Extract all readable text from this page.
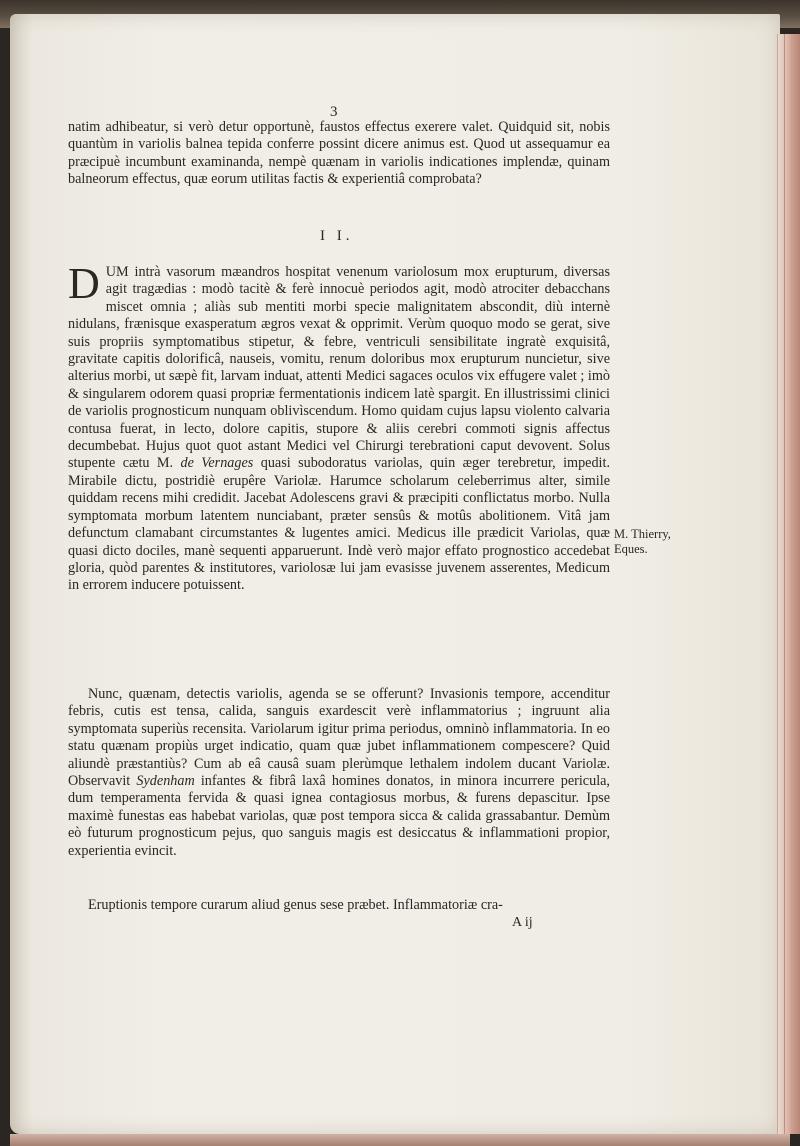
3

natim adhibeatur, si verò detur opportunè, faustos effectus exerere valet. Quidquid sit, nobis quantùm in variolis balnea tepida conferre possint dicere animus est. Quod ut assequamur ea præcipuè incumbunt examinanda, nempè quænam in variolis indicationes implendæ, quinam balneorum effectus, quæ eorum utilitas factis & experientiâ comprobata?

I I.
D UM intrà vasorum mæandros hospitat venenum variolosum mox erupturum, diversas agit tragædias : modò tacitè & ferè innocuè periodos agit, modò atrociter debacchans miscet omnia ; aliàs sub mentiti morbi specie malignitatem abscondit, diù internè nidulans, frænisque exasperatum ægros vexat & opprimit. Verùm quoquo modo se gerat, sive suis propriis symptomatibus stipetur, & febre, ventriculi sensibilitate ingratè exquisitâ, gravitate capitis dolorificâ, nauseis, vomitu, renum doloribus mox erupturum nuncietur, sive alterius morbi, ut sæpè fit, larvam induat, attenti Medici sagaces oculos vix effugere valet ; imò & singularem odorem quasi propriæ fermentationis indicem latè spargit. En illustrissimi clinici de variolis prognosticum nunquam oblivìscendum. Homo quidam cujus lapsu violento calvaria contusa fuerat, in lecto, dolore capitis, stupore & aliis cerebri commoti signis affectus decumbebat. Hujus quot quot astant Medici vel Chirurgi terebrationi caput devovent. Solus stupente cætu M. de Vernages quasi subodoratus variolas, quin æger terebretur, impedit. Mirabile dictu, postridiè erupêre Variolæ. Harumce scholarum celeberrimus alter, simile quiddam recens mihi credidit. Jacebat Adolescens gravi & præcipiti conflictatus morbo. Nulla symptomata morbum latentem nunciabant, præter sensûs & motûs abolitionem. Vitâ jam defunctum clamabant circumstantes & lugentes amici. Medicus ille prædicit Variolas, quæ quasi dicto dociles, manè sequenti apparuerunt. Indè verò major effato prognostico accedebat gloria, quòd parentes & institutores, variolosæ lui jam evasisse juvenem asserentes, Medicum in errorem inducere potuissent.

M. Thierry,
Eques.

Nunc, quænam, detectis variolis, agenda se se offerunt? Invasionis tempore, accenditur febris, cutis est tensa, calida, sanguis exardescit verè inflammatorius ; ingruunt alia symptomata superiùs recensita. Variolarum igitur prima periodus, omninò inflammatoria. In eo statu quænam propiùs urget indicatio, quam quæ jubet inflammationem compescere? Quid aliundè præstantiùs? Cum ab eâ causâ suam plerùmque lethalem indolem ducant Variolæ. Observavit Sydenham infantes & fibrâ laxâ homines donatos, in minora incurrere pericula, dum temperamenta fervida & quasi ignea contagiosus morbus, & furens depascitur. Ipse maximè funestas eas habebat variolas, quæ post tempora sicca & calida grassabantur. Demùm eò futurum prognosticum pejus, quo sanguis magis est desiccatus & inflammationi propior, experientia evincit.

Eruptionis tempore curarum aliud genus sese præbet. Inflammatoriæ cra-
A ij
